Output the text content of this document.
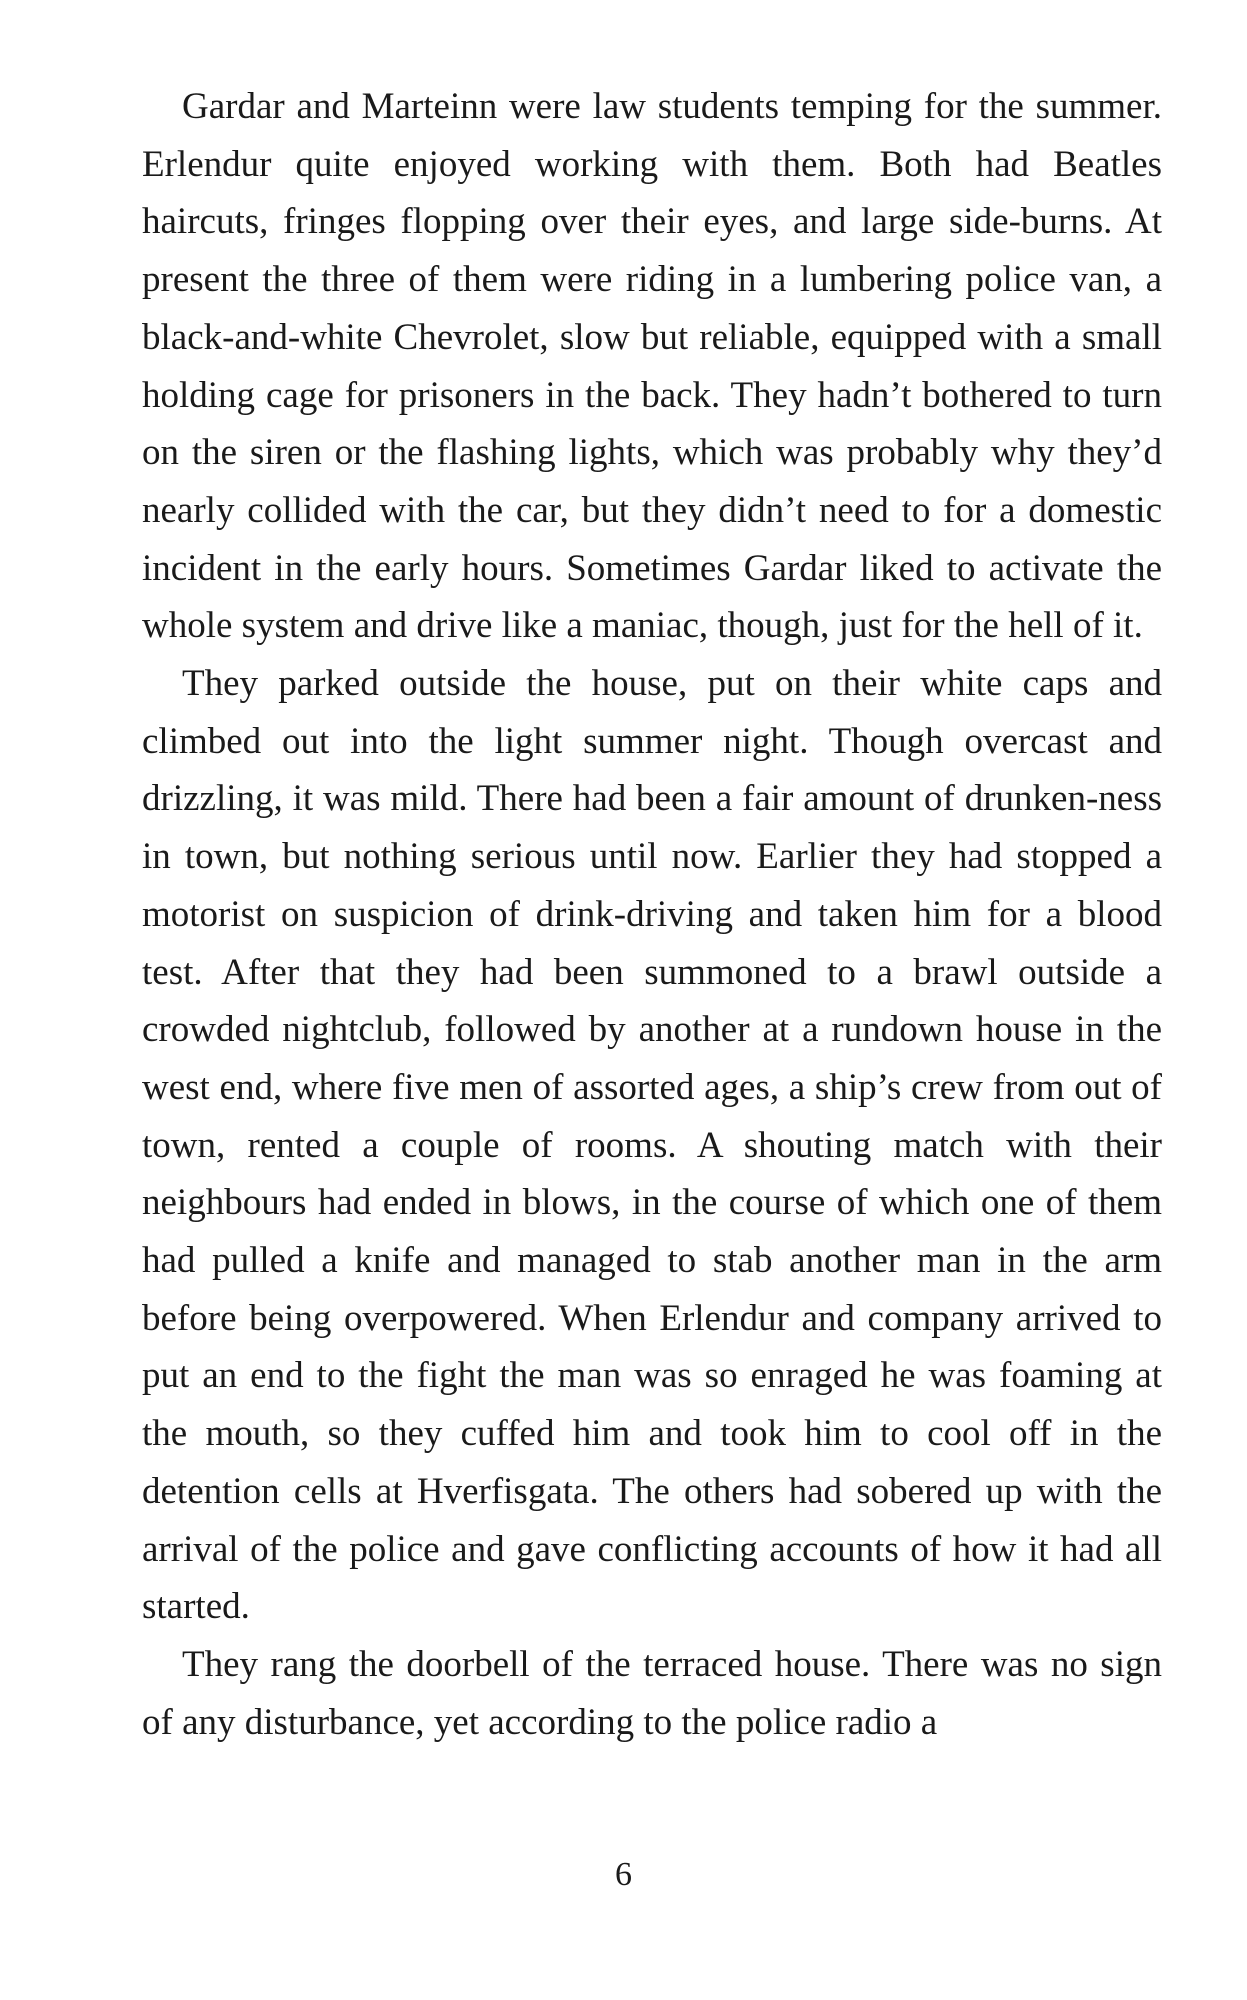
Gardar and Marteinn were law students temping for the summer. Erlendur quite enjoyed working with them. Both had Beatles haircuts, fringes flopping over their eyes, and large side-burns. At present the three of them were riding in a lumbering police van, a black-and-white Chevrolet, slow but reliable, equipped with a small holding cage for prisoners in the back. They hadn’t bothered to turn on the siren or the flashing lights, which was probably why they’d nearly collided with the car, but they didn’t need to for a domestic incident in the early hours. Sometimes Gardar liked to activate the whole system and drive like a maniac, though, just for the hell of it.

They parked outside the house, put on their white caps and climbed out into the light summer night. Though overcast and drizzling, it was mild. There had been a fair amount of drunken-ness in town, but nothing serious until now. Earlier they had stopped a motorist on suspicion of drink-driving and taken him for a blood test. After that they had been summoned to a brawl outside a crowded nightclub, followed by another at a rundown house in the west end, where five men of assorted ages, a ship’s crew from out of town, rented a couple of rooms. A shouting match with their neighbours had ended in blows, in the course of which one of them had pulled a knife and managed to stab another man in the arm before being overpowered. When Erlendur and company arrived to put an end to the fight the man was so enraged he was foaming at the mouth, so they cuffed him and took him to cool off in the detention cells at Hverfisgata. The others had sobered up with the arrival of the police and gave conflicting accounts of how it had all started.

They rang the doorbell of the terraced house. There was no sign of any disturbance, yet according to the police radio a

6
